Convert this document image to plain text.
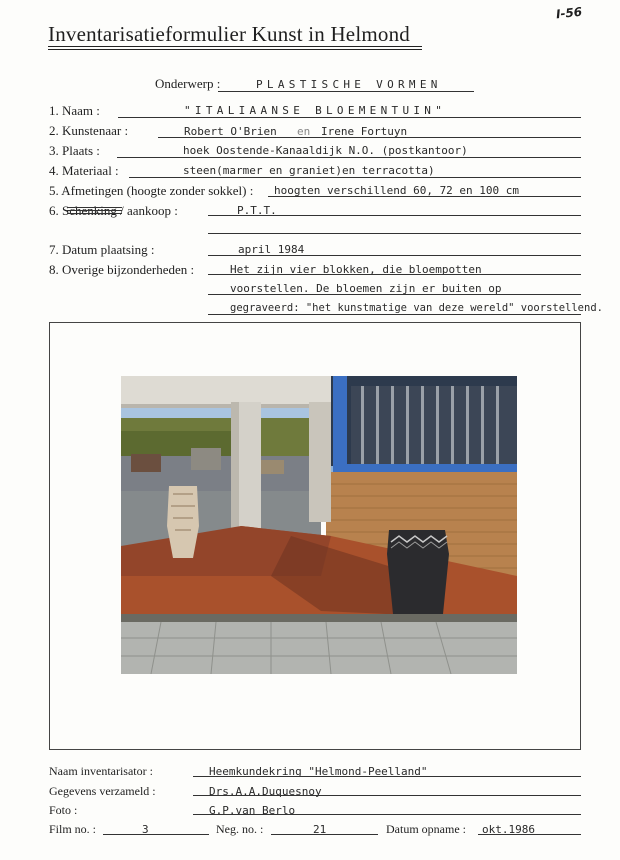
I-56
Inventarisatieformulier Kunst in Helmond
Onderwerp :	PLASTISCHE VORMEN
1. Naam :	"ITALIAANSE BLOEMENTUIN"
2. Kunstenaar :	Robert O'Brien en Irene Fortuyn
3. Plaats :	hoek Oostende-Kanaaldijk N.O. (postkantoor)
4. Materiaal :	steen(marmer en graniet)en terracotta)
5. Afmetingen (hoogte zonder sokkel) : hoogten verschillend 60, 72 en 100 cm
6. Schenking / aankoop :	P.T.T.
7. Datum plaatsing :	april 1984
8. Overige bijzonderheden :	Het zijn vier blokken, die bloempotten
voorstellen. De bloemen zijn er buiten op
gegraveerd: "het kunstmatige van deze wereld" voorstellend.
Naam inventarisator :	Heemkundekring "Helmond-Peelland"
Gegevens verzameld :	Drs.A.A.Duquesnoy
Foto :	G.P.van Berlo
Film no. :	3	Neg. no. :	21	Datum opname : okt.1986
